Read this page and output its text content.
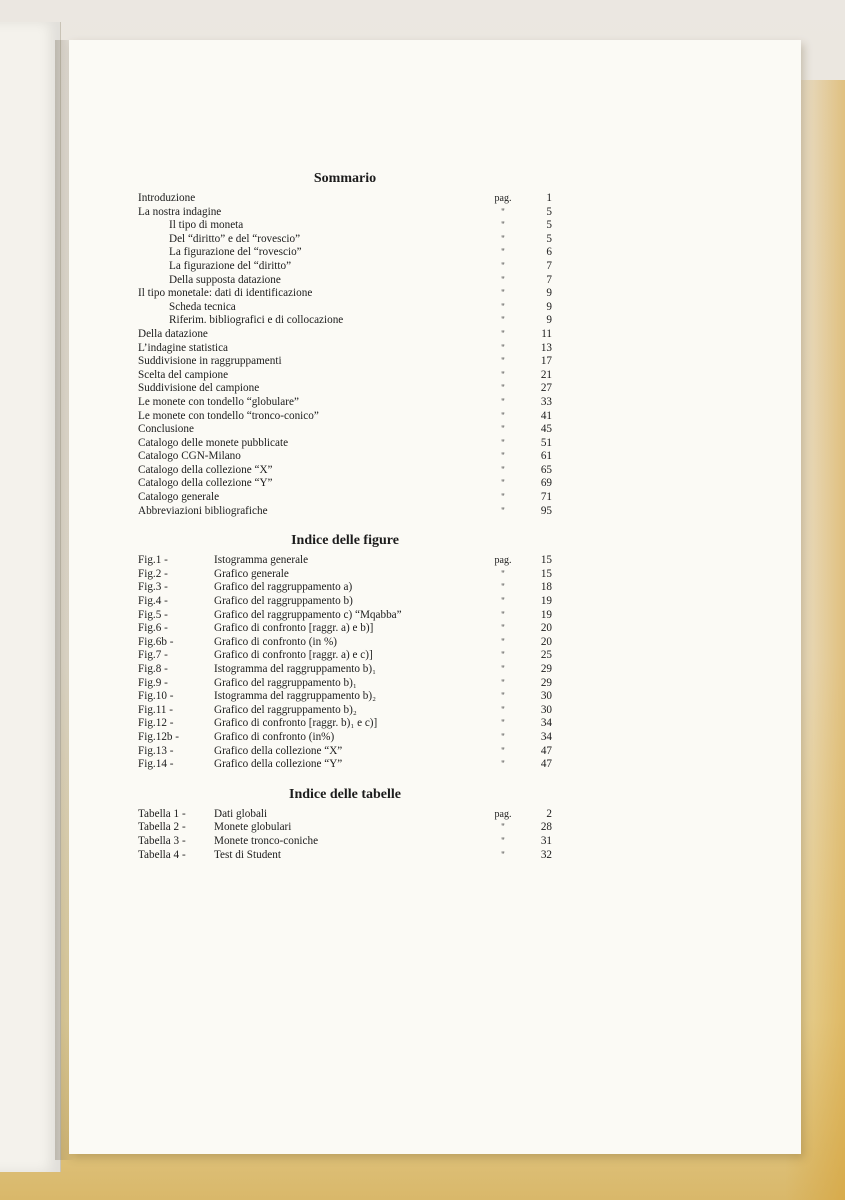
Sommario
Introduzione	pag.	1
La nostra indagine	"	5
Il tipo di moneta	"	5
Del “diritto” e del “rovescio”	"	5
La figurazione del “rovescio”	"	6
La figurazione del “diritto”	"	7
Della supposta datazione	"	7
Il tipo monetale: dati di identificazione	"	9
Scheda tecnica	"	9
Riferim. bibliografici e di collocazione	"	9
Della datazione	"	11
L’indagine statistica	"	13
Suddivisione in raggruppamenti	"	17
Scelta del campione	"	21
Suddivisione del campione	"	27
Le monete con tondello “globulare”	"	33
Le monete con tondello “tronco-conico”	"	41
Conclusione	"	45
Catalogo delle monete pubblicate	"	51
Catalogo CGN-Milano	"	61
Catalogo della collezione “X”	"	65
Catalogo della collezione “Y”	"	69
Catalogo generale	"	71
Abbreviazioni bibliografiche	"	95
Indice delle figure
Fig.1 -	Istogramma generale	pag.	15
Fig.2 -	Grafico generale	"	15
Fig.3 -	Grafico del raggruppamento a)	"	18
Fig.4 -	Grafico del raggruppamento b)	"	19
Fig.5 -	Grafico del raggruppamento c) “Mqabba”	"	19
Fig.6 -	Grafico di confronto [raggr. a) e b)]	"	20
Fig.6b -	Grafico di confronto (in %)	"	20
Fig.7 -	Grafico di confronto [raggr. a) e c)]	"	25
Fig.8 -	Istogramma del raggruppamento b)₁	"	29
Fig.9 -	Grafico del raggruppamento b)₁	"	29
Fig.10 -	Istogramma del raggruppamento b)₂	"	30
Fig.11 -	Grafico del raggruppamento b)₂	"	30
Fig.12 -	Grafico di confronto [raggr. b)₁ e c)]	"	34
Fig.12b -	Grafico di confronto (in%)	"	34
Fig.13 -	Grafico della collezione “X”	"	47
Fig.14 -	Grafico della collezione “Y”	"	47
Indice delle tabelle
Tabella 1 -	Dati globali	pag.	2
Tabella 2 -	Monete globulari	"	28
Tabella 3 -	Monete tronco-coniche	"	31
Tabella 4 -	Test di Student	"	32
